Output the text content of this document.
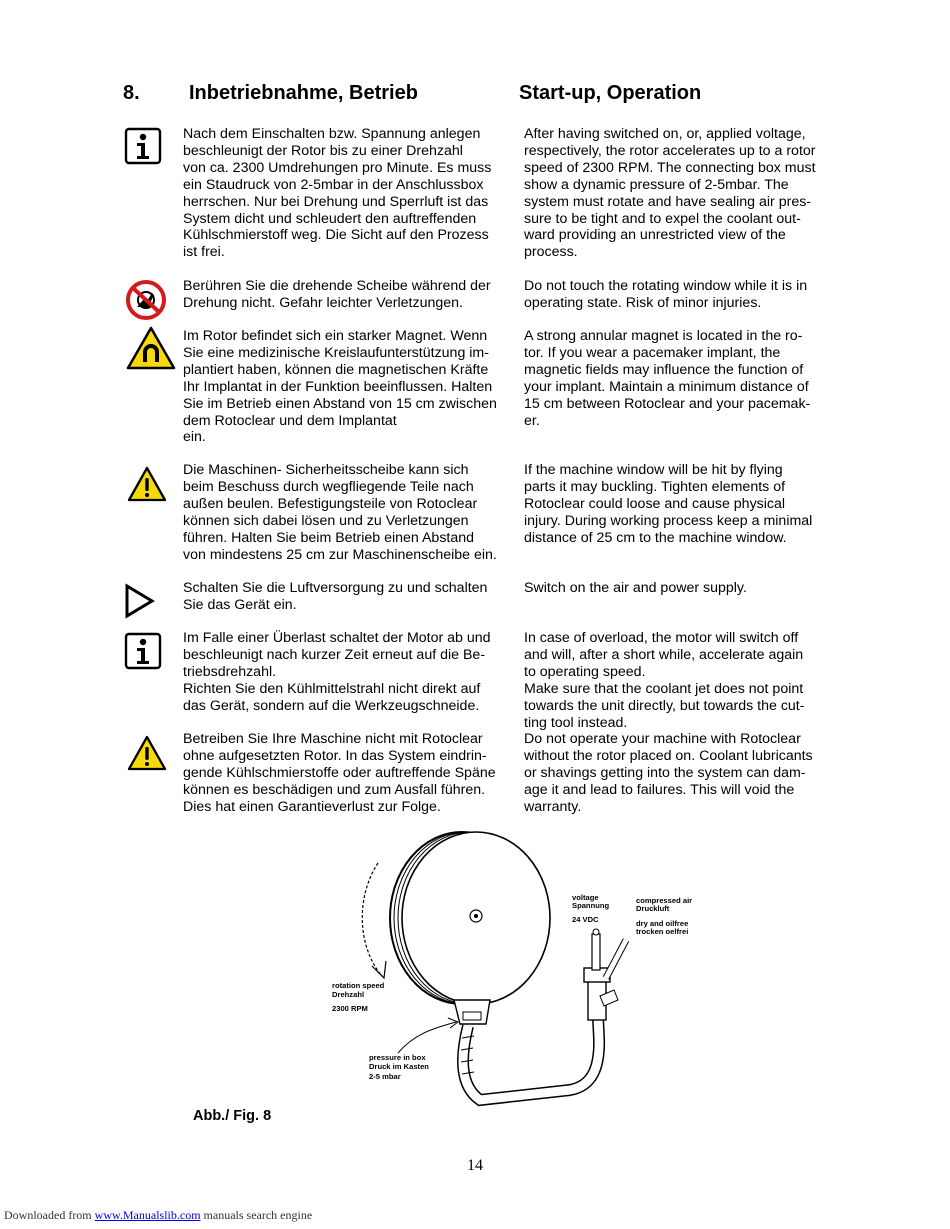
8. Inbetriebnahme, Betrieb	Start-up, Operation
Nach dem Einschalten bzw. Spannung anlegen
beschleunigt der Rotor bis zu einer Drehzahl
von ca. 2300 Umdrehungen pro Minute. Es muss
ein Staudruck von 2-5mbar in der Anschlussbox
herrschen. Nur bei Drehung und Sperrluft ist das
System dicht und schleudert den auftreffenden
Kühlschmierstoff weg. Die Sicht auf den Prozess
ist frei.
After having switched on, or, applied voltage,
respectively, the rotor accelerates up to a rotor
speed of 2300 RPM. The connecting box must
show a dynamic pressure of 2-5mbar. The
system must rotate and have sealing air pres-
sure to be tight and to expel the coolant out-
ward providing an unrestricted view of the
process.
Berühren Sie die drehende Scheibe während der
Drehung nicht. Gefahr leichter Verletzungen.
Do not touch the rotating window while it is in
operating state. Risk of minor injuries.
Im Rotor befindet sich ein starker Magnet. Wenn
Sie eine medizinische Kreislaufunterstützung im-
plantiert haben, können die magnetischen Kräfte
Ihr Implantat in der Funktion beeinflussen. Halten
Sie im Betrieb einen Abstand von 15 cm zwischen
dem Rotoclear und dem Implantat
ein.
A strong annular magnet is located in the ro-
tor. If you wear a pacemaker implant, the
magnetic fields may influence the function of
your implant. Maintain a minimum distance of
15 cm between Rotoclear and your pacemak-
er.
Die Maschinen- Sicherheitsscheibe kann sich
beim Beschuss durch wegfliegende Teile nach
außen beulen. Befestigungsteile von Rotoclear
können sich dabei lösen und zu Verletzungen
führen. Halten Sie beim Betrieb einen Abstand
von mindestens 25 cm zur Maschinenscheibe ein.
If the machine window will be hit by flying
parts it may buckling. Tighten elements of
Rotoclear could loose and cause physical
injury. During working process keep a minimal
distance of 25 cm to the machine window.
Schalten Sie die Luftversorgung zu und schalten
Sie das Gerät ein.
Switch on the air and power supply.
Im Falle einer Überlast schaltet der Motor ab und
beschleunigt nach kurzer Zeit erneut auf die Be-
triebsdrehzahl.
Richten Sie den Kühlmittelstrahl nicht direkt auf
das Gerät, sondern auf die Werkzeugschneide.
In case of overload, the motor will switch off
and will, after a short while, accelerate again
to operating speed.
Make sure that the coolant jet does not point
towards the unit directly, but towards the cut-
ting tool instead.
Betreiben Sie Ihre Maschine nicht mit Rotoclear
ohne aufgesetzten Rotor. In das System eindrin-
gende Kühlschmierstoffe oder auftreffende Späne
können es beschädigen und zum Ausfall führen.
Dies hat einen Garantieverlust zur Folge.
Do not operate your machine with Rotoclear
without the rotor placed on. Coolant lubricants
or shavings getting into the system can dam-
age it and lead to failures. This will void the
warranty.
rotation speed
Drehzahl
2300 RPM
pressure in box
Druck im Kasten
2-5 mbar
voltage
Spannung
24 VDC
compressed air
Druckluft
dry and oilfree
trocken oelfrei
Abb./ Fig. 8
14
Downloaded from www.Manualslib.com manuals search engine
